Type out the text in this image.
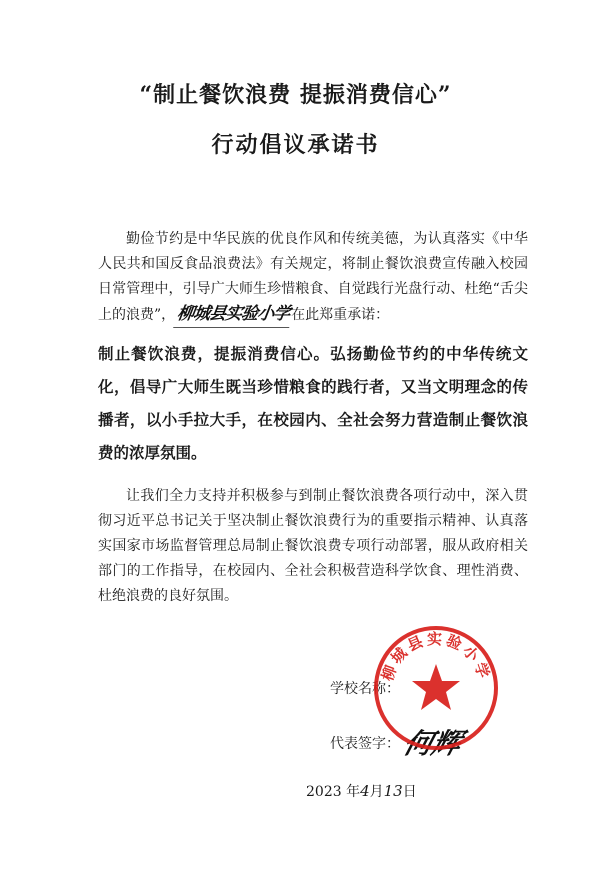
“制止餐饮浪费 提振消费信心”
行动倡议承诺书
勤俭节约是中华民族的优良作风和传统美德，为认真落实《中华人民共和国反食品浪费法》有关规定，将制止餐饮浪费宣传融入校园日常管理中，引导广大师生珍惜粮食、自觉践行光盘行动、杜绝“舌尖上的浪费”，柳城县实验小学在此郑重承诺：
制止餐饮浪费，提振消费信心。弘扬勤俭节约的中华传统文化，倡导广大师生既当珍惜粮食的践行者，又当文明理念的传播者，以小手拉大手，在校园内、全社会努力营造制止餐饮浪费的浓厚氛围。
让我们全力支持并积极参与到制止餐饮浪费各项行动中，深入贯彻习近平总书记关于坚决制止餐饮浪费行为的重要指示精神、认真落实国家市场监督管理总局制止餐饮浪费专项行动部署，服从政府相关部门的工作指导，在校园内、全社会积极营造科学饮食、理性消费、杜绝浪费的良好氛围。
学校名称：
代表签字： 何辉
2023 年4月13日
柳城县实验小学
